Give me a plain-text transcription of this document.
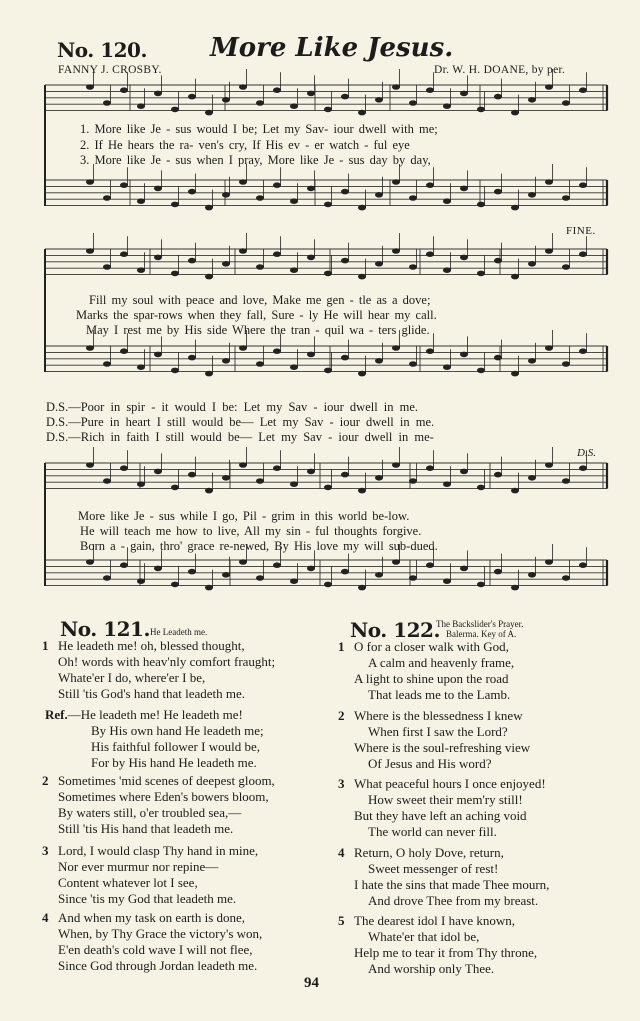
No. 120. More Like Jesus.
FANNY J. CROSBY.	Dr. W. H. DOANE, by per.
1. More like Je - sus would I be; Let my Sav- iour dwell with me;
2. If He hears the ra- ven's cry, If His ev - er watch - ful eye
3. More like Je - sus when I pray, More like Je - sus day by day,
FINE.
Fill my soul with peace and love, Make me gen - tle as a dove;
Marks the spar-rows when they fall, Sure - ly He will hear my call.
May I rest me by His side Where the tran - quil wa - ters glide.
D.S.—Poor in spir - it would I be: Let my Sav - iour dwell in me.
D.S.—Pure in heart I still would be— Let my Sav - iour dwell in me.
D.S.—Rich in faith I still would be— Let my Sav - iour dwell in me-
D.S.
More like Je - sus while I go, Pil - grim in this world be-low.
He will teach me how to live, All my sin - ful thoughts forgive.
Born a - gain, thro' grace re-newed, By His love my will sub-dued.
No. 121. He Leadeth me.
1 He leadeth me! oh, blessed thought,
Oh! words with heav'nly comfort fraught;
Whate'er I do, where'er I be,
Still 'tis God's hand that leadeth me.
Ref.—He leadeth me! He leadeth me!
By His own hand He leadeth me;
His faithful follower I would be,
For by His hand He leadeth me.
2 Sometimes 'mid scenes of deepest gloom,
Sometimes where Eden's bowers bloom,
By waters still, o'er troubled sea,—
Still 'tis His hand that leadeth me.
3 Lord, I would clasp Thy hand in mine,
Nor ever murmur nor repine—
Content whatever lot I see,
Since 'tis my God that leadeth me.
4 And when my task on earth is done,
When, by Thy Grace the victory's won,
E'en death's cold wave I will not flee,
Since God through Jordan leadeth me.
No. 122.
The Backslider's Prayer.
Balerma. Key of A.
1 O for a closer walk with God,
A calm and heavenly frame,
A light to shine upon the road
That leads me to the Lamb.
2 Where is the blessedness I knew
When first I saw the Lord?
Where is the soul-refreshing view
Of Jesus and His word?
3 What peaceful hours I once enjoyed!
How sweet their mem'ry still!
But they have left an aching void
The world can never fill.
4 Return, O holy Dove, return,
Sweet messenger of rest!
I hate the sins that made Thee mourn,
And drove Thee from my breast.
5 The dearest idol I have known,
Whate'er that idol be,
Help me to tear it from Thy throne,
And worship only Thee.
94
